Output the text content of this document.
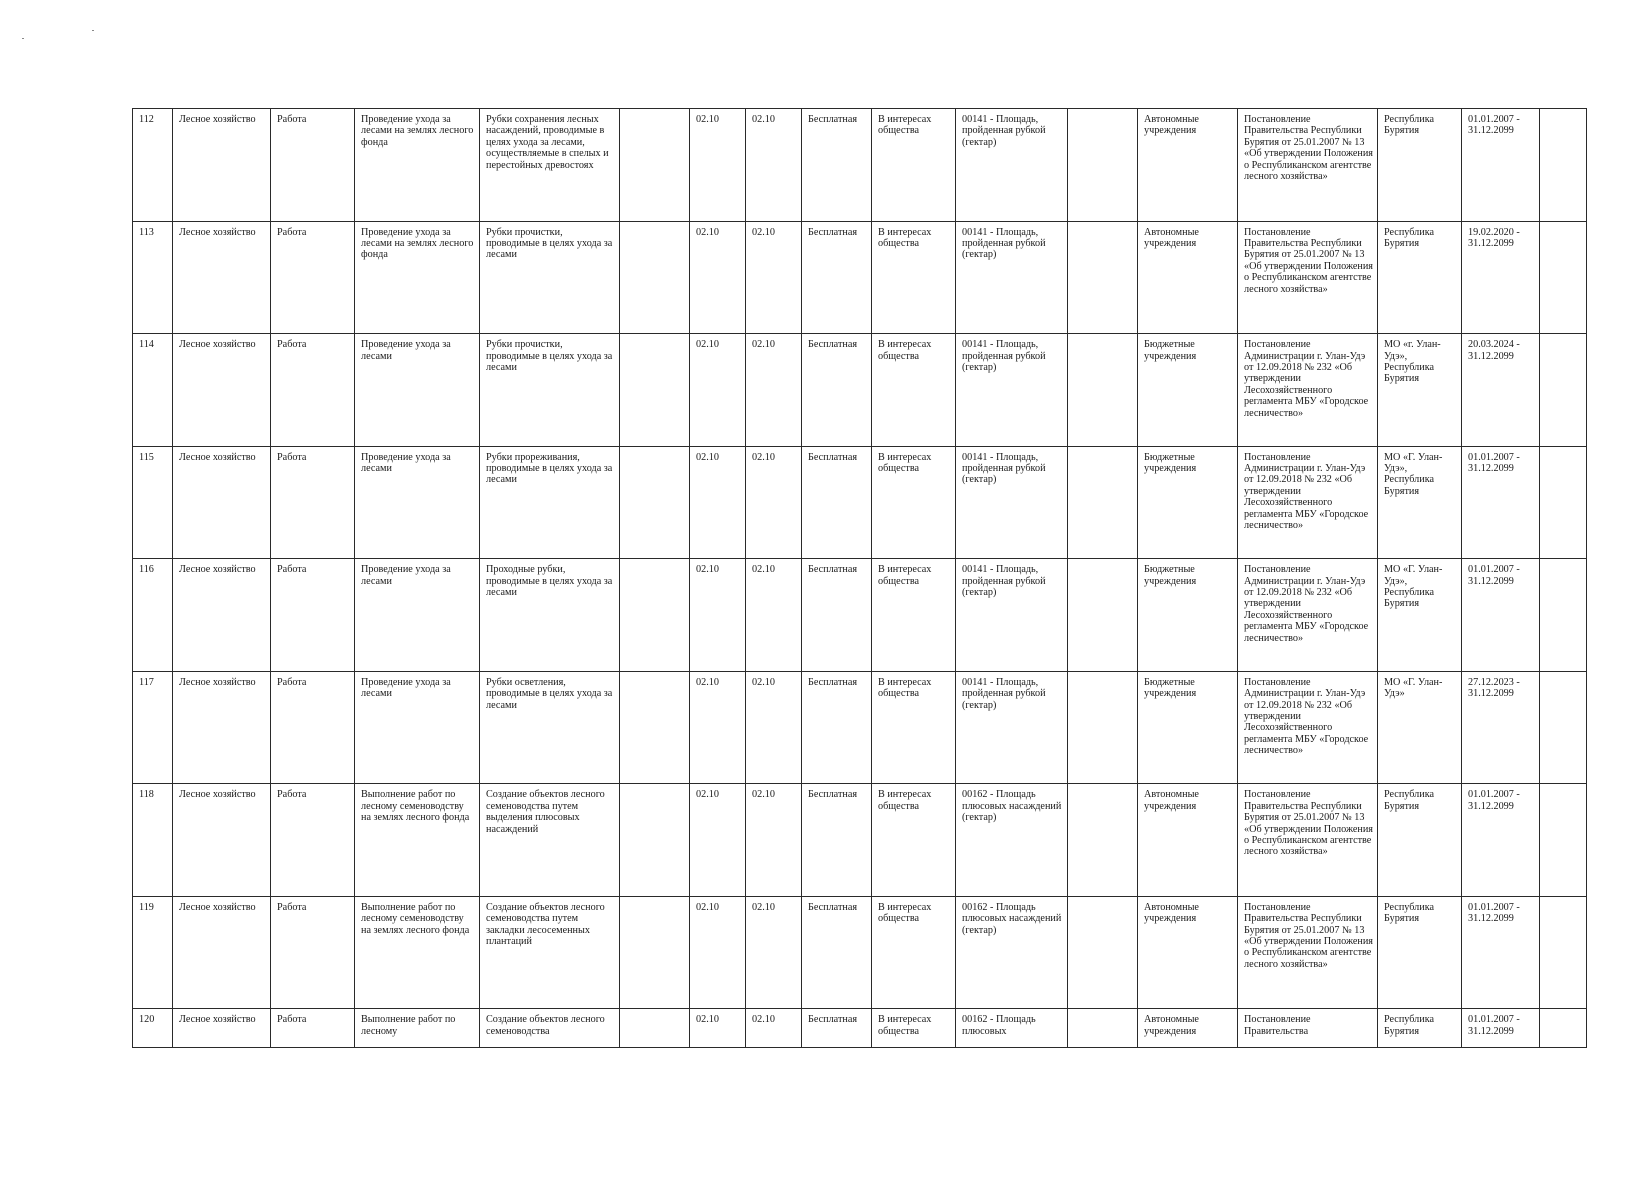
112	Лесное хозяйство	Работа	Проведение ухода за лесами на землях лесного фонда	Рубки сохранения лесных насаждений, проводимые в целях ухода за лесами, осуществляемые в спелых и перестойных древостоях		02.10	02.10	Бесплатная	В интересах общества	00141 - Площадь, пройденная рубкой (гектар)		Автономные учреждения	Постановление Правительства Республики Бурятия от 25.01.2007 № 13 «Об утверждении Положения о Республиканском агентстве лесного хозяйства»	Республика Бурятия	01.01.2007 - 31.12.2099	
113	Лесное хозяйство	Работа	Проведение ухода за лесами на землях лесного фонда	Рубки прочистки, проводимые в целях ухода за лесами		02.10	02.10	Бесплатная	В интересах общества	00141 - Площадь, пройденная рубкой (гектар)		Автономные учреждения	Постановление Правительства Республики Бурятия от 25.01.2007 № 13 «Об утверждении Положения о Республиканском агентстве лесного хозяйства»	Республика Бурятия	19.02.2020 - 31.12.2099	
114	Лесное хозяйство	Работа	Проведение ухода за лесами	Рубки прочистки, проводимые в целях ухода за лесами		02.10	02.10	Бесплатная	В интересах общества	00141 - Площадь, пройденная рубкой (гектар)		Бюджетные учреждения	Постановление Администрации г. Улан-Удэ от 12.09.2018 № 232 «Об утверждении Лесохозяйственного регламента МБУ «Городское лесничество»	МО «г. Улан-Удэ», Республика Бурятия	20.03.2024 - 31.12.2099	
115	Лесное хозяйство	Работа	Проведение ухода за лесами	Рубки прореживания, проводимые в целях ухода за лесами		02.10	02.10	Бесплатная	В интересах общества	00141 - Площадь, пройденная рубкой (гектар)		Бюджетные учреждения	Постановление Администрации г. Улан-Удэ от 12.09.2018 № 232 «Об утверждении Лесохозяйственного регламента МБУ «Городское лесничество»	МО «Г. Улан-Удэ», Республика Бурятия	01.01.2007 - 31.12.2099	
116	Лесное хозяйство	Работа	Проведение ухода за лесами	Проходные рубки, проводимые в целях ухода за лесами		02.10	02.10	Бесплатная	В интересах общества	00141 - Площадь, пройденная рубкой (гектар)		Бюджетные учреждения	Постановление Администрации г. Улан-Удэ от 12.09.2018 № 232 «Об утверждении Лесохозяйственного регламента МБУ «Городское лесничество»	МО «Г. Улан-Удэ», Республика Бурятия	01.01.2007 - 31.12.2099	
117	Лесное хозяйство	Работа	Проведение ухода за лесами	Рубки осветления, проводимые в целях ухода за лесами		02.10	02.10	Бесплатная	В интересах общества	00141 - Площадь, пройденная рубкой (гектар)		Бюджетные учреждения	Постановление Администрации г. Улан-Удэ от 12.09.2018 № 232 «Об утверждении Лесохозяйственного регламента МБУ «Городское лесничество»	МО «Г. Улан-Удэ»	27.12.2023 - 31.12.2099	
118	Лесное хозяйство	Работа	Выполнение работ по лесному семеноводству на землях лесного фонда	Создание объектов лесного семеноводства путем выделения плюсовых насаждений		02.10	02.10	Бесплатная	В интересах общества	00162 - Площадь плюсовых насаждений (гектар)		Автономные учреждения	Постановление Правительства Республики Бурятия от 25.01.2007 № 13 «Об утверждении Положения о Республиканском агентстве лесного хозяйства»	Республика Бурятия	01.01.2007 - 31.12.2099	
119	Лесное хозяйство	Работа	Выполнение работ по лесному семеноводству на землях лесного фонда	Создание объектов лесного семеноводства путем закладки лесосеменных плантаций		02.10	02.10	Бесплатная	В интересах общества	00162 - Площадь плюсовых насаждений (гектар)		Автономные учреждения	Постановление Правительства Республики Бурятия от 25.01.2007 № 13 «Об утверждении Положения о Республиканском агентстве лесного хозяйства»	Республика Бурятия	01.01.2007 - 31.12.2099	
120	Лесное хозяйство	Работа	Выполнение работ по лесному	Создание объектов лесного семеноводства		02.10	02.10	Бесплатная	В интересах общества	00162 - Площадь плюсовых		Автономные учреждения	Постановление Правительства	Республика Бурятия	01.01.2007 - 31.12.2099	
